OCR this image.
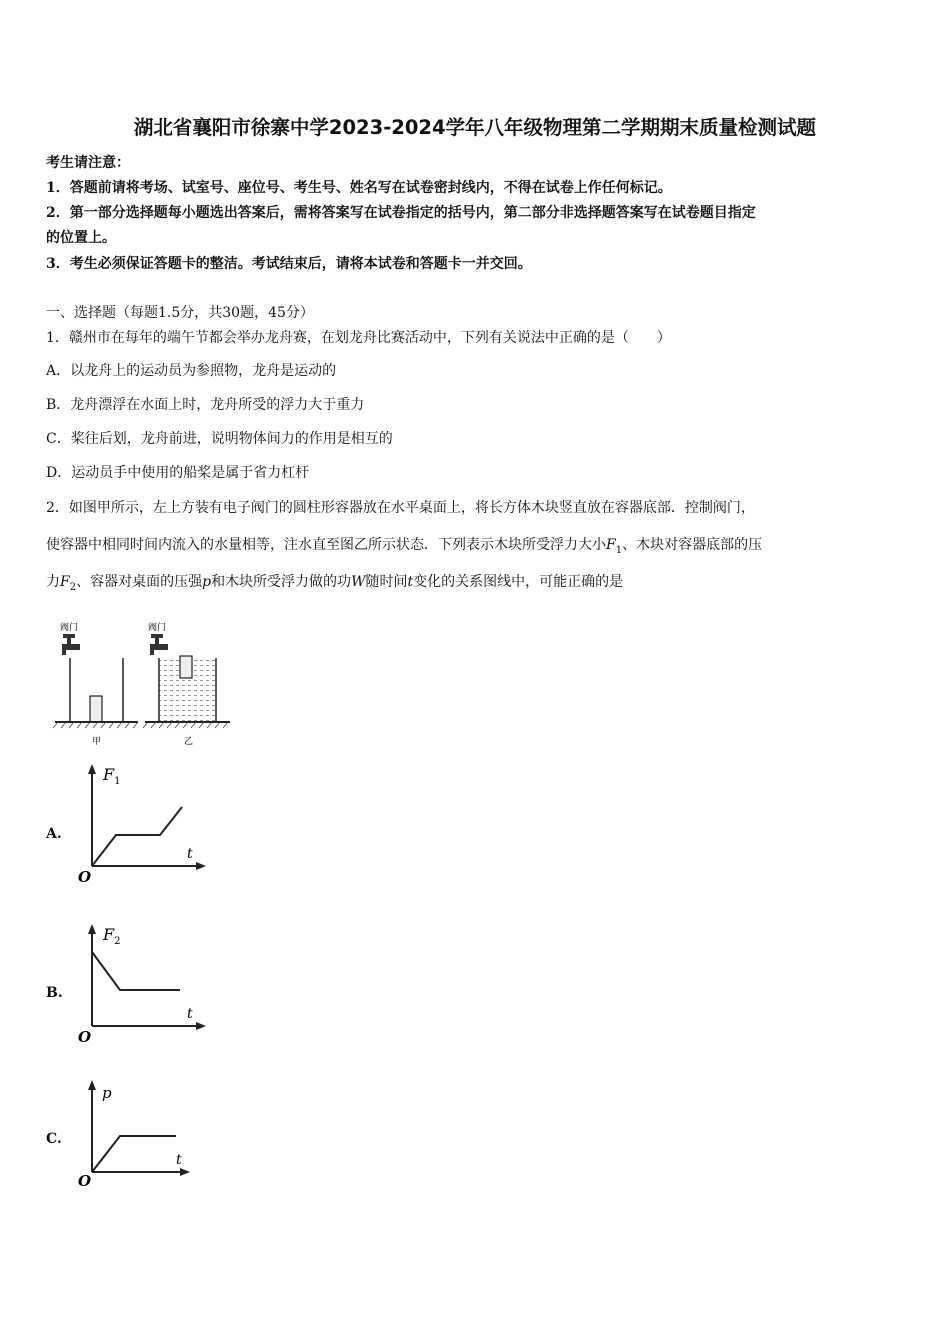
湖北省襄阳市徐寨中学2023-2024学年八年级物理第二学期期末质量检测试题
考生请注意：
1．答题前请将考场、试室号、座位号、考生号、姓名写在试卷密封线内，不得在试卷上作任何标记。
2．第一部分选择题每小题选出答案后，需将答案写在试卷指定的括号内，第二部分非选择题答案写在试卷题目指定
的位置上。
3．考生必须保证答题卡的整洁。考试结束后，请将本试卷和答题卡一并交回。
一、选择题（每题1.5分，共30题，45分）
1．赣州市在每年的端午节都会举办龙舟赛，在划龙舟比赛活动中，下列有关说法中正确的是（　　）
A．以龙舟上的运动员为参照物，龙舟是运动的
B．龙舟漂浮在水面上时，龙舟所受的浮力大于重力
C．桨往后划，龙舟前进，说明物体间力的作用是相互的
D．运动员手中使用的船桨是属于省力杠杆
2．如图甲所示，左上方装有电子阀门的圆柱形容器放在水平桌面上，将长方体木块竖直放在容器底部．控制阀门，
使容器中相同时间内流入的水量相等，注水直至图乙所示状态．下列表示木块所受浮力大小$F_1$、木块对容器底部的压
力$F_2$、容器对桌面的压强p和木块所受浮力做的功W随时间t变化的关系图线中，可能正确的是
阀门
甲
阀门
乙
A.
$F_1$
t
O
B.
$F_2$
t
O
C.
p
t
O
